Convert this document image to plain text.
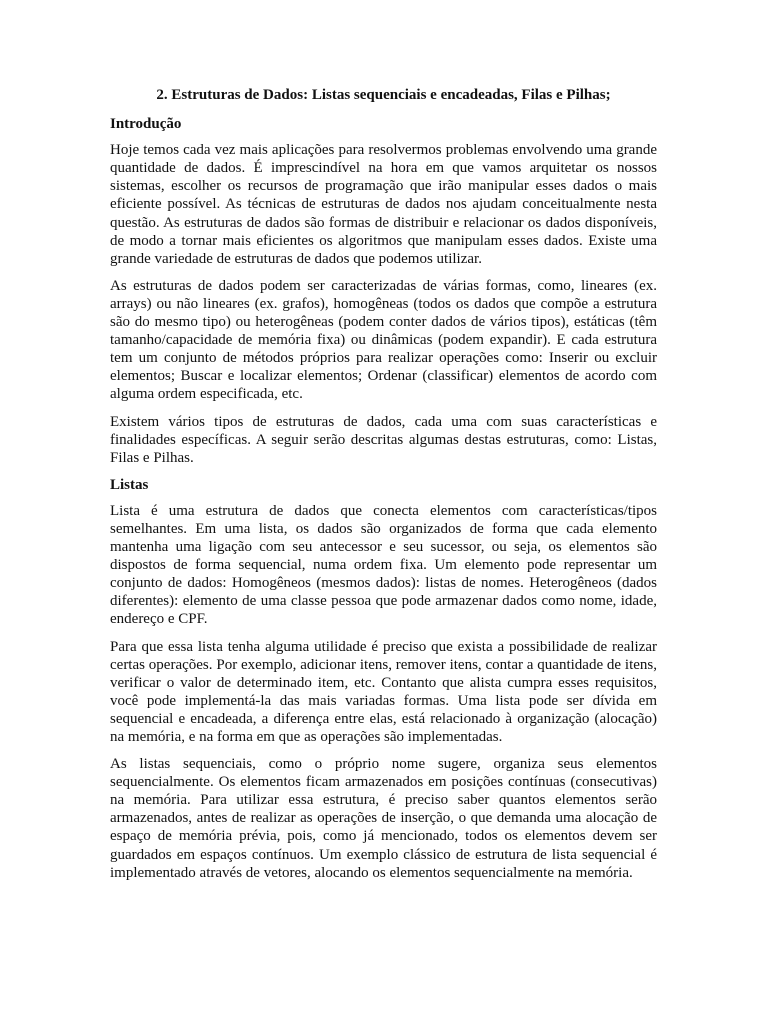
2. Estruturas de Dados: Listas sequenciais e encadeadas, Filas e Pilhas;

Introdução

Hoje temos cada vez mais aplicações para resolvermos problemas envolvendo uma grande quantidade de dados. É imprescindível na hora em que vamos arquitetar os nossos sistemas, escolher os recursos de programação que irão manipular esses dados o mais eficiente possível. As técnicas de estruturas de dados nos ajudam conceitualmente nesta questão. As estruturas de dados são formas de distribuir e relacionar os dados disponíveis, de modo a tornar mais eficientes os algoritmos que manipulam esses dados. Existe uma grande variedade de estruturas de dados que podemos utilizar.

As estruturas de dados podem ser caracterizadas de várias formas, como, lineares (ex. arrays) ou não lineares (ex. grafos), homogêneas (todos os dados que compõe a estrutura são do mesmo tipo) ou heterogêneas (podem conter dados de vários tipos), estáticas (têm tamanho/capacidade de memória fixa) ou dinâmicas (podem expandir). E cada estrutura tem um conjunto de métodos próprios para realizar operações como: Inserir ou excluir elementos; Buscar e localizar elementos; Ordenar (classificar) elementos de acordo com alguma ordem especificada, etc.

Existem vários tipos de estruturas de dados, cada uma com suas características e finalidades específicas. A seguir serão descritas algumas destas estruturas, como: Listas, Filas e Pilhas.

Listas

Lista é uma estrutura de dados que conecta elementos com características/tipos semelhantes. Em uma lista, os dados são organizados de forma que cada elemento mantenha uma ligação com seu antecessor e seu sucessor, ou seja, os elementos são dispostos de forma sequencial, numa ordem fixa. Um elemento pode representar um conjunto de dados: Homogêneos (mesmos dados): listas de nomes. Heterogêneos (dados diferentes): elemento de uma classe pessoa que pode armazenar dados como nome, idade, endereço e CPF.

Para que essa lista tenha alguma utilidade é preciso que exista a possibilidade de realizar certas operações. Por exemplo, adicionar itens, remover itens, contar a quantidade de itens, verificar o valor de determinado item, etc. Contanto que alista cumpra esses requisitos, você pode implementá-la das mais variadas formas. Uma lista pode ser dívida em sequencial e encadeada, a diferença entre elas, está relacionado à organização (alocação) na memória, e na forma em que as operações são implementadas.

As listas sequenciais, como o próprio nome sugere, organiza seus elementos sequencialmente. Os elementos ficam armazenados em posições contínuas (consecutivas) na memória. Para utilizar essa estrutura, é preciso saber quantos elementos serão armazenados, antes de realizar as operações de inserção, o que demanda uma alocação de espaço de memória prévia, pois, como já mencionado, todos os elementos devem ser guardados em espaços contínuos. Um exemplo clássico de estrutura de lista sequencial é implementado através de vetores, alocando os elementos sequencialmente na memória.
